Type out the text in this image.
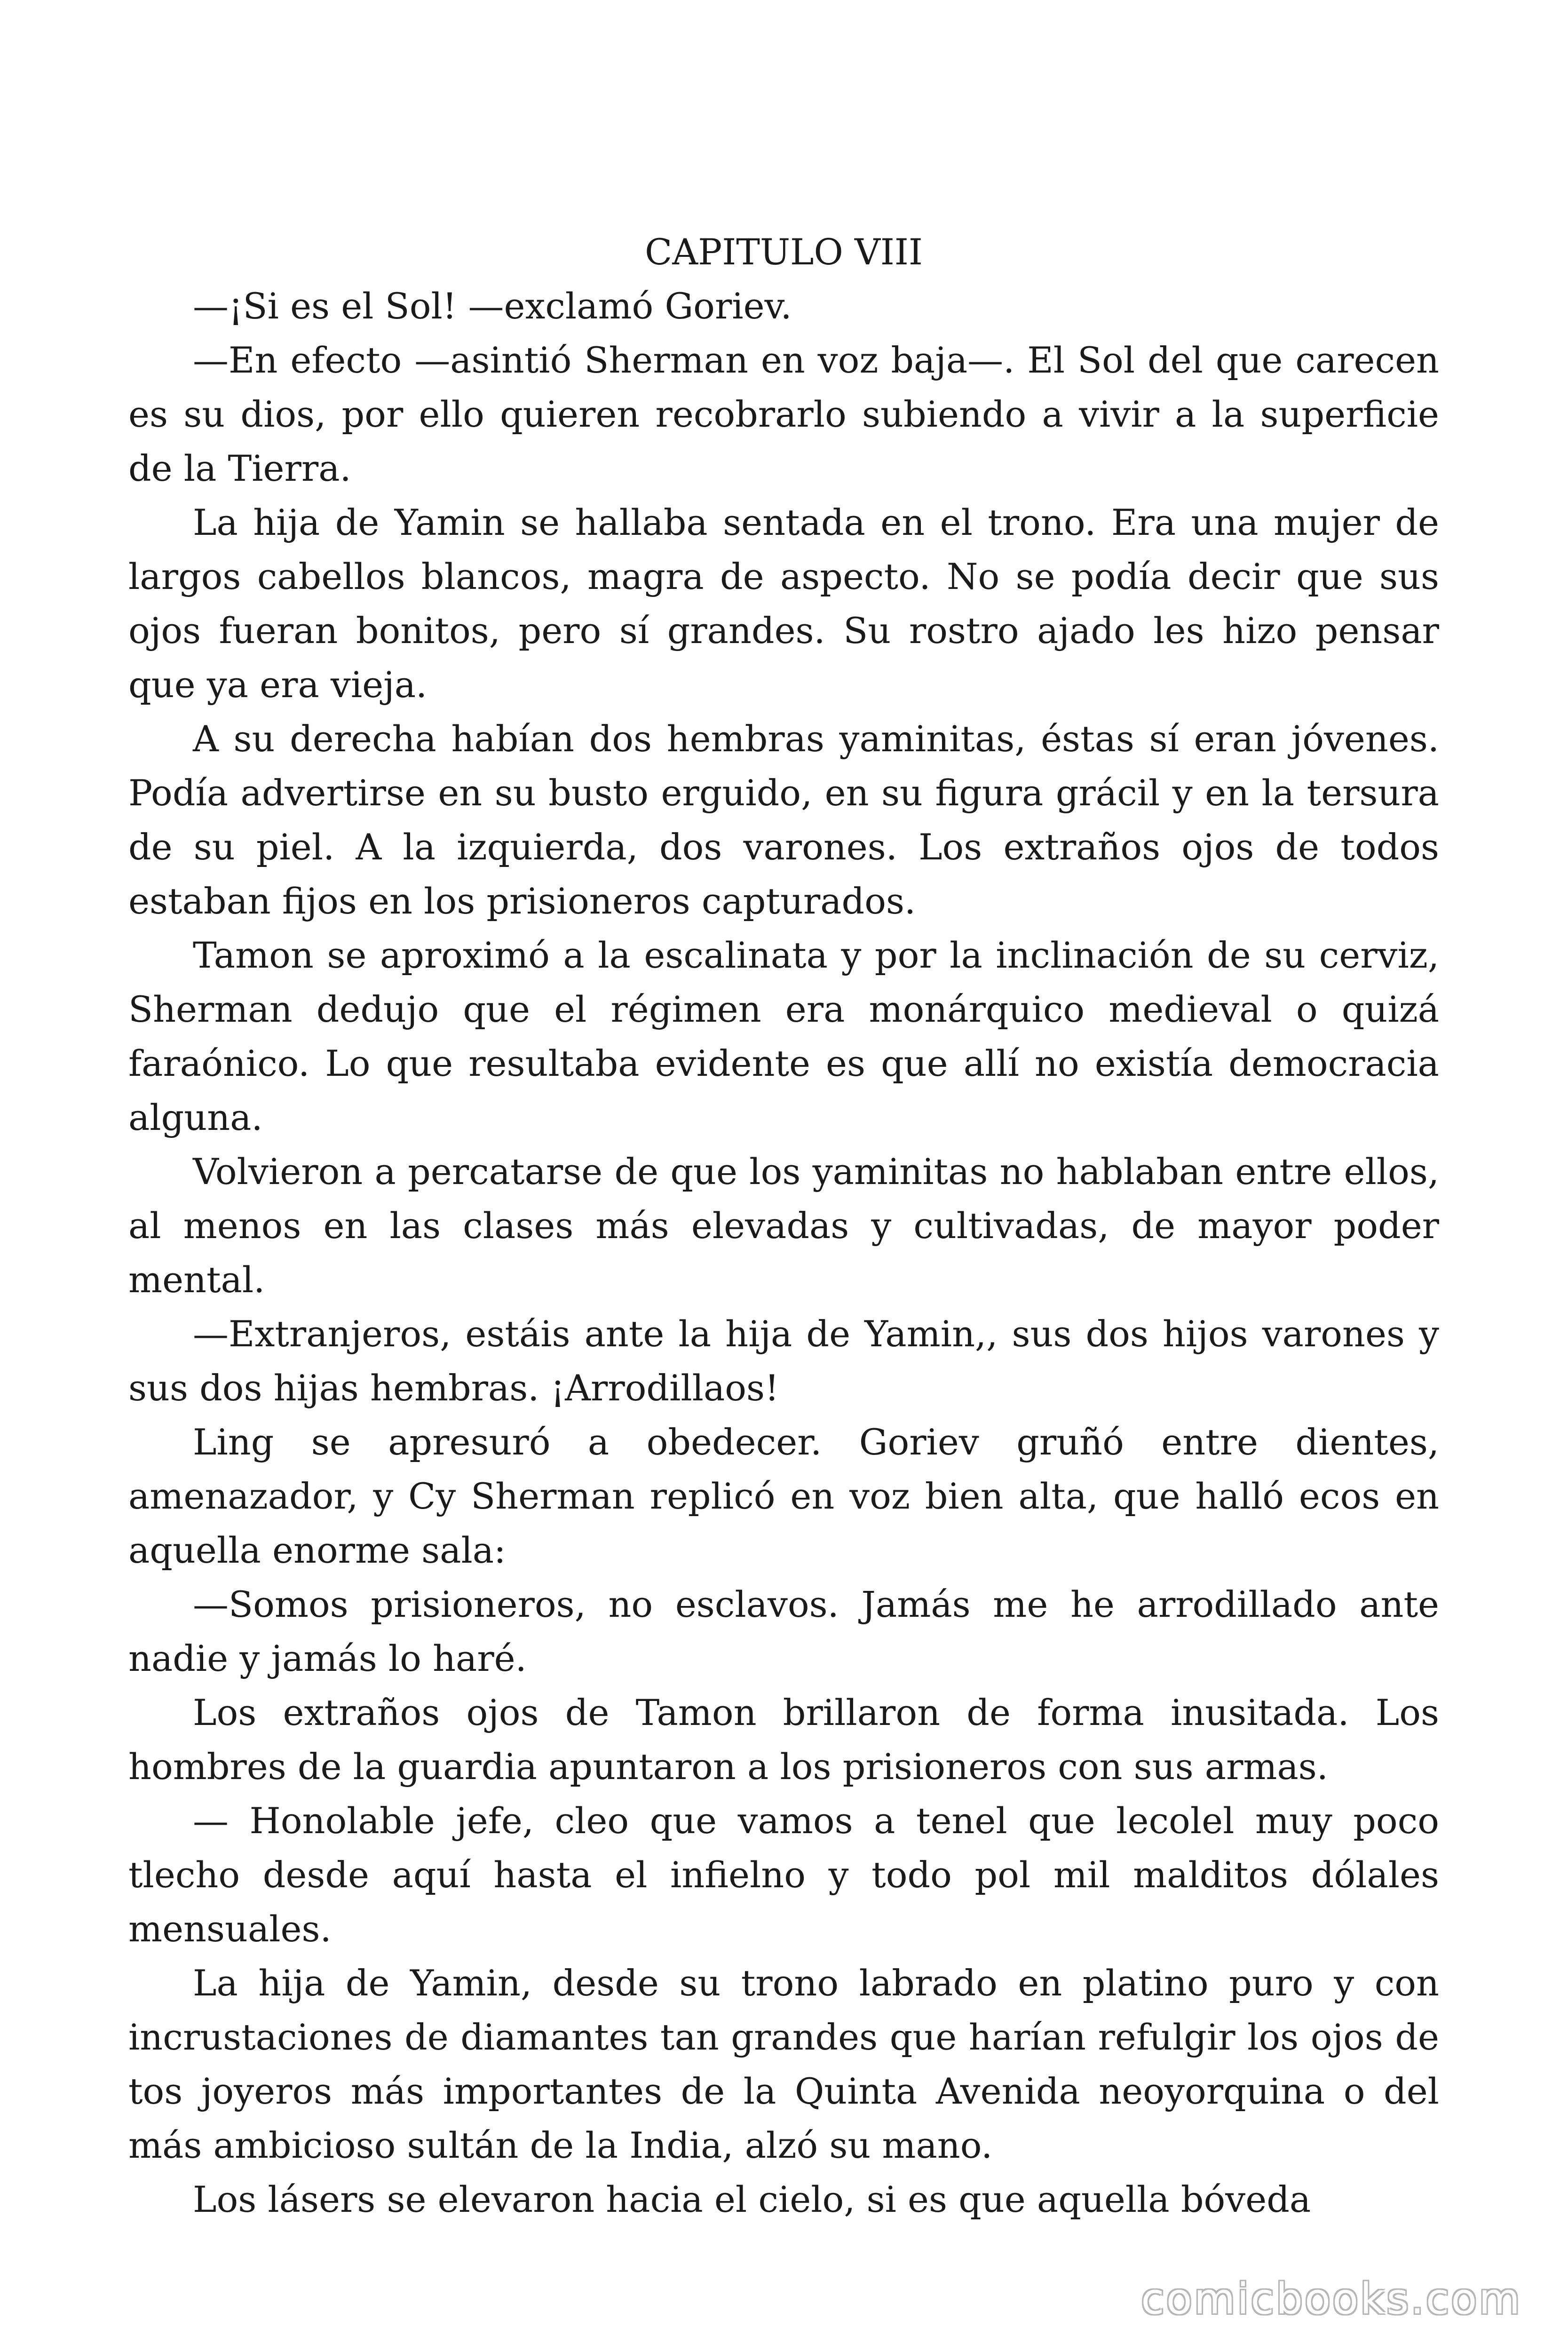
CAPITULO VIII

—¡Si es el Sol! —exclamó Goriev.

—En efecto —asintió Sherman en voz baja—. El Sol del que carecen es su dios, por ello quieren recobrarlo subiendo a vivir a la superficie de la Tierra.

La hija de Yamin se hallaba sentada en el trono. Era una mujer de largos cabellos blancos, magra de aspecto. No se podía decir que sus ojos fueran bonitos, pero sí grandes. Su rostro ajado les hizo pensar que ya era vieja.

A su derecha habían dos hembras yaminitas, éstas sí eran jóvenes. Podía advertirse en su busto erguido, en su figura grácil y en la tersura de su piel. A la izquierda, dos varones. Los extraños ojos de todos estaban fijos en los prisioneros capturados.

Tamon se aproximó a la escalinata y por la inclinación de su cerviz, Sherman dedujo que el régimen era monárquico medieval o quizá faraónico. Lo que resultaba evidente es que allí no existía democracia alguna.

Volvieron a percatarse de que los yaminitas no hablaban entre ellos, al menos en las clases más elevadas y cultivadas, de mayor poder mental.

—Extranjeros, estáis ante la hija de Yamin,, sus dos hijos varones y sus dos hijas hembras. ¡Arrodillaos!

Ling se apresuró a obedecer. Goriev gruñó entre dientes, amenazador, y Cy Sherman replicó en voz bien alta, que halló ecos en aquella enorme sala:

—Somos prisioneros, no esclavos. Jamás me he arrodillado ante nadie y jamás lo haré.

Los extraños ojos de Tamon brillaron de forma inusitada. Los hombres de la guardia apuntaron a los prisioneros con sus armas.

— Honolable jefe, cleo que vamos a tenel que lecolel muy poco tlecho desde aquí hasta el infielno y todo pol mil malditos dólales mensuales.

La hija de Yamin, desde su trono labrado en platino puro y con incrustaciones de diamantes tan grandes que harían refulgir los ojos de tos joyeros más importantes de la Quinta Avenida neoyorquina o del más ambicioso sultán de la India, alzó su mano.

Los lásers se elevaron hacia el cielo, si es que aquella bóveda

comicbooks.com
